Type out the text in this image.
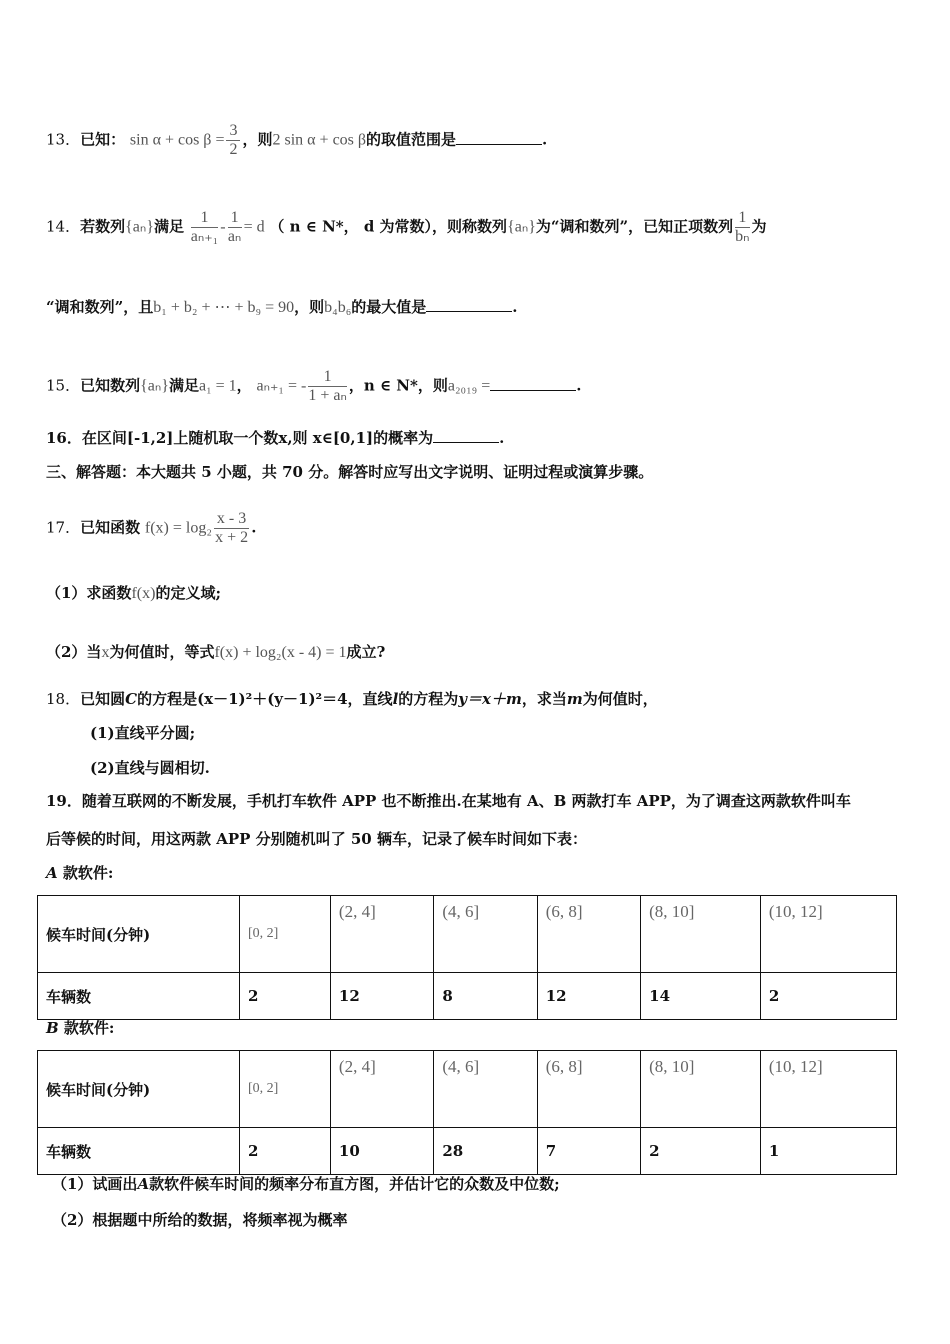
13．已知： $\sin \alpha + \cos \beta = \frac{3}{2}$ ，则2 sin α + cos β的取值范围是	.
14．若数列{aₙ}满足 $\frac{1}{\text{aₙ₊₁}} - \frac{1}{\text{aₙ}} = d$ （ n ∈ N*， d 为常数），则称数列{aₙ}为“调和数列”，已知正项数列 $\frac{1}{\text{bₙ}}$ 为
“调和数列”，且b₁ + b₂ + ⋯ + b₉ = 90，则b₄b₆的最大值是	.
15．已知数列{aₙ}满足a₁ = 1， aₙ₊₁ = - $\frac{1}{\text{1 + aₙ}}$ ，n ∈ N*，则a₂₀₁₉ =	.
16．在区间[-1,2]上随机取一个数x,则 x∈[0,1]的概率为	.
三、解答题：本大题共 5 小题，共 70 分。解答时应写出文字说明、证明过程或演算步骤。
17．已知函数 $f(x) = \log_2 \frac{x - 3}{x + 2}$ .
（1）求函数f(x)的定义域;
（2）当x为何值时，等式f(x) + log₂(x - 4) = 1成立?
18．已知圆C的方程是(x－1)²＋(y－1)²＝4，直线l的方程为y＝x＋m，求当m为何值时，
(1)直线平分圆;
(2)直线与圆相切.
19．随着互联网的不断发展，手机打车软件 APP 也不断推出.在某地有 A、B 两款打车 APP，为了调查这两款软件叫车
后等候的时间，用这两款 APP 分别随机叫了 50 辆车，记录了候车时间如下表：
A 款软件:
候车时间(分钟)	[0, 2]	(2, 4]	(4, 6]	(6, 8]	(8, 10]	(10, 12]
车辆数	2	12	8	12	14	2
B 款软件:
候车时间(分钟)	[0, 2]	(2, 4]	(4, 6]	(6, 8]	(8, 10]	(10, 12]
车辆数	2	10	28	7	2	1
（1）试画出A款软件候车时间的频率分布直方图，并估计它的众数及中位数;
（2）根据题中所给的数据，将频率视为概率
